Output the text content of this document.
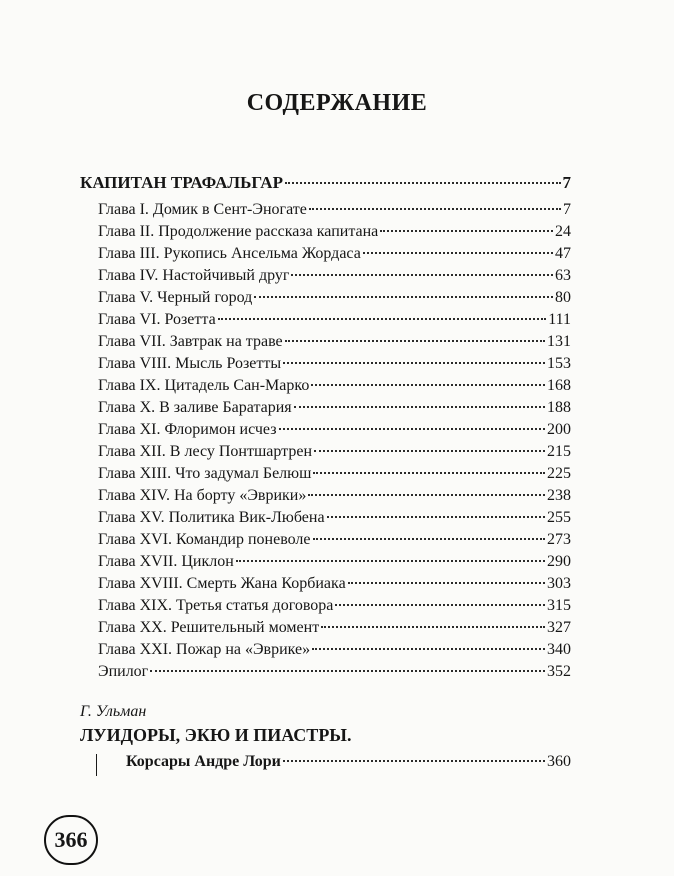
СОДЕРЖАНИЕ
КАПИТАН ТРАФАЛЬГАР	7
Глава I. Домик в Сент-Эногате	7
Глава II. Продолжение рассказа капитана	24
Глава III. Рукопись Ансельма Жордаса	47
Глава IV. Настойчивый друг	63
Глава V. Черный город	80
Глава VI. Розетта	111
Глава VII. Завтрак на траве	131
Глава VIII. Мысль Розетты	153
Глава IX. Цитадель Сан-Марко	168
Глава X. В заливе Баратария	188
Глава XI. Флоримон исчез	200
Глава XII. В лесу Понтшартрен	215
Глава XIII. Что задумал Белюш	225
Глава XIV. На борту «Эврики»	238
Глава XV. Политика Вик-Любена	255
Глава XVI. Командир поневоле	273
Глава XVII. Циклон	290
Глава XVIII. Смерть Жана Корбиака	303
Глава XIX. Третья статья договора	315
Глава XX. Решительный момент	327
Глава XXI. Пожар на «Эврике»	340
Эпилог	352
Г. Ульман
ЛУИДОРЫ, ЭКЮ И ПИАСТРЫ.
Корсары Андре Лори	360
366
